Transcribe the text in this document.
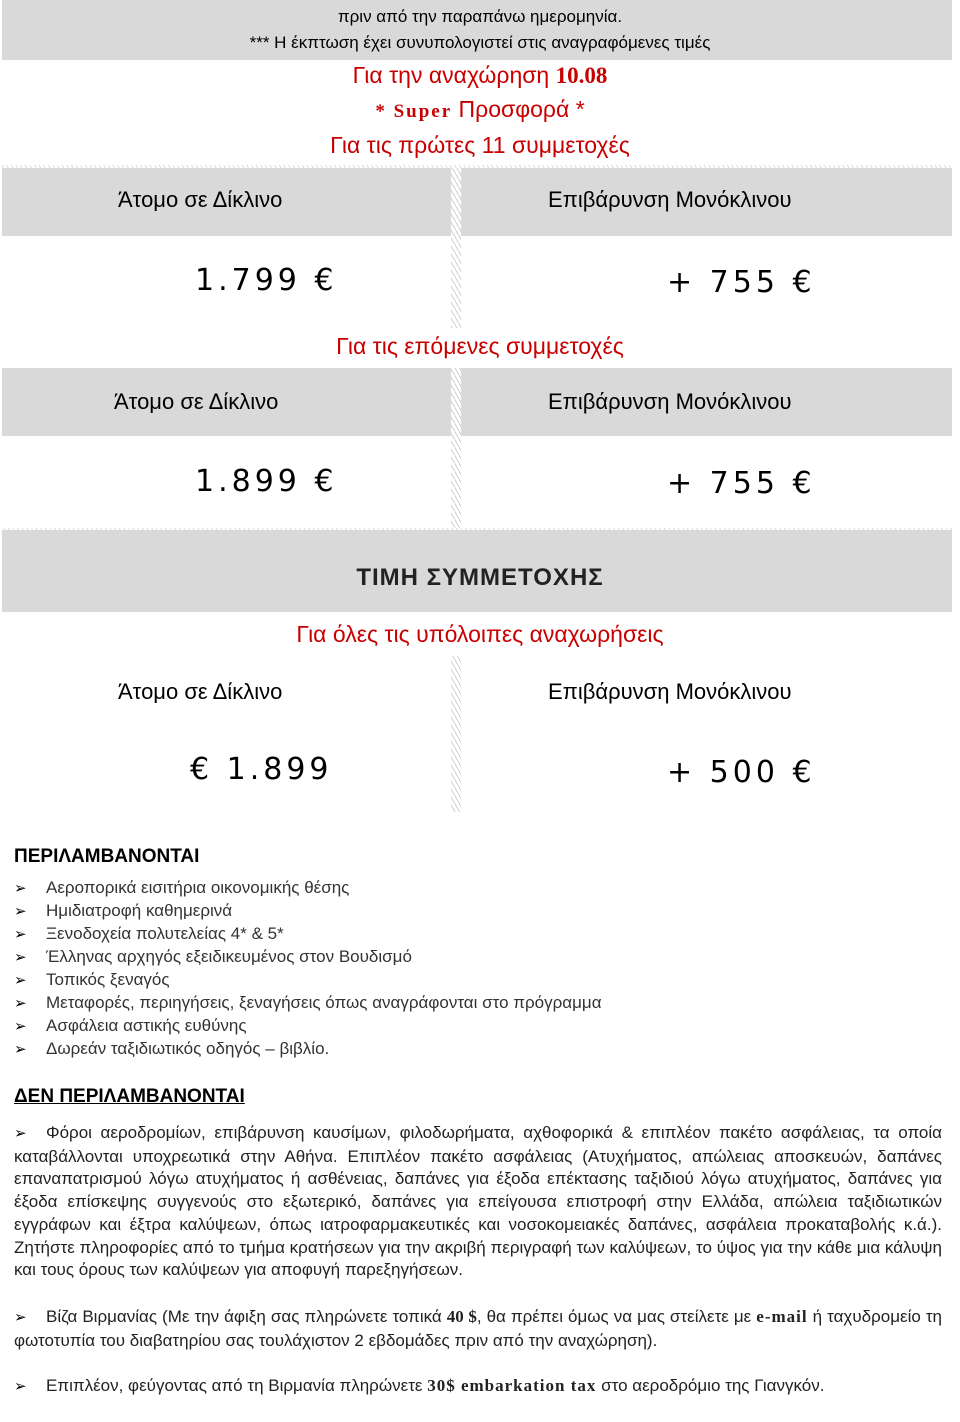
πριν από την παραπάνω ημερομηνία.
*** Η έκπτωση έχει συνυπολογιστεί στις αναγραφόμενες τιμές
Για την αναχώρηση 10.08
* Super Προσφορά *
Για τις πρώτες 11 συμμετοχές
Άτομο σε Δίκλινο	Επιβάρυνση Μονόκλινου
1.799 €	+ 755 €
Για τις επόμενες συμμετοχές
Άτομο σε Δίκλινο	Επιβάρυνση Μονόκλινου
1.899 €	+ 755 €
ΤΙΜΗ ΣΥΜΜΕΤΟΧΗΣ
Για όλες τις υπόλοιπες αναχωρήσεις
Άτομο σε Δίκλινο	Επιβάρυνση Μονόκλινου
€ 1.899	+ 500 €
ΠΕΡΙΛΑΜΒΑΝΟΝΤΑΙ
➢ Αεροπορικά εισιτήρια οικονομικής θέσης
➢ Ημιδιατροφή καθημερινά
➢ Ξενοδοχεία πολυτελείας 4* & 5*
➢ Έλληνας αρχηγός εξειδικευμένος στον Βουδισμό
➢ Τοπικός ξεναγός
➢ Μεταφορές, περιηγήσεις, ξεναγήσεις όπως αναγράφονται στο πρόγραμμα
➢ Ασφάλεια αστικής ευθύνης
➢ Δωρεάν ταξιδιωτικός οδηγός – βιβλίο.
ΔΕΝ ΠΕΡΙΛΑΜΒΑΝΟΝΤΑΙ
➢ Φόροι αεροδρομίων, επιβάρυνση καυσίμων, φιλοδωρήματα, αχθοφορικά & επιπλέον πακέτο ασφάλειας, τα οποία καταβάλλονται υποχρεωτικά στην Αθήνα. Επιπλέον πακέτο ασφάλειας (Ατυχήματος, απώλειας αποσκευών, δαπάνες επαναπατρισμού λόγω ατυχήματος ή ασθένειας, δαπάνες για έξοδα επέκτασης ταξιδιού λόγω ατυχήματος, δαπάνες για έξοδα επίσκεψης συγγενούς στο εξωτερικό, δαπάνες για επείγουσα επιστροφή στην Ελλάδα, απώλεια ταξιδιωτικών εγγράφων και έξτρα καλύψεων, όπως ιατροφαρμακευτικές και νοσοκομειακές δαπάνες, ασφάλεια προκαταβολής κ.ά.). Ζητήστε πληροφορίες από το τμήμα κρατήσεων για την ακριβή περιγραφή των καλύψεων, το ύψος για την κάθε μια κάλυψη και τους όρους των καλύψεων για αποφυγή παρεξηγήσεων.
➢ Βίζα Βιρμανίας (Με την άφιξη σας πληρώνετε τοπικά 40 $, θα πρέπει όμως να μας στείλετε με e-mail ή ταχυδρομείο τη φωτοτυπία του διαβατηρίου σας τουλάχιστον 2 εβδομάδες πριν από την αναχώρηση).
➢ Επιπλέον, φεύγοντας από τη Βιρμανία πληρώνετε 30$ embarkation tax στο αεροδρόμιο της Γιανγκόν.
